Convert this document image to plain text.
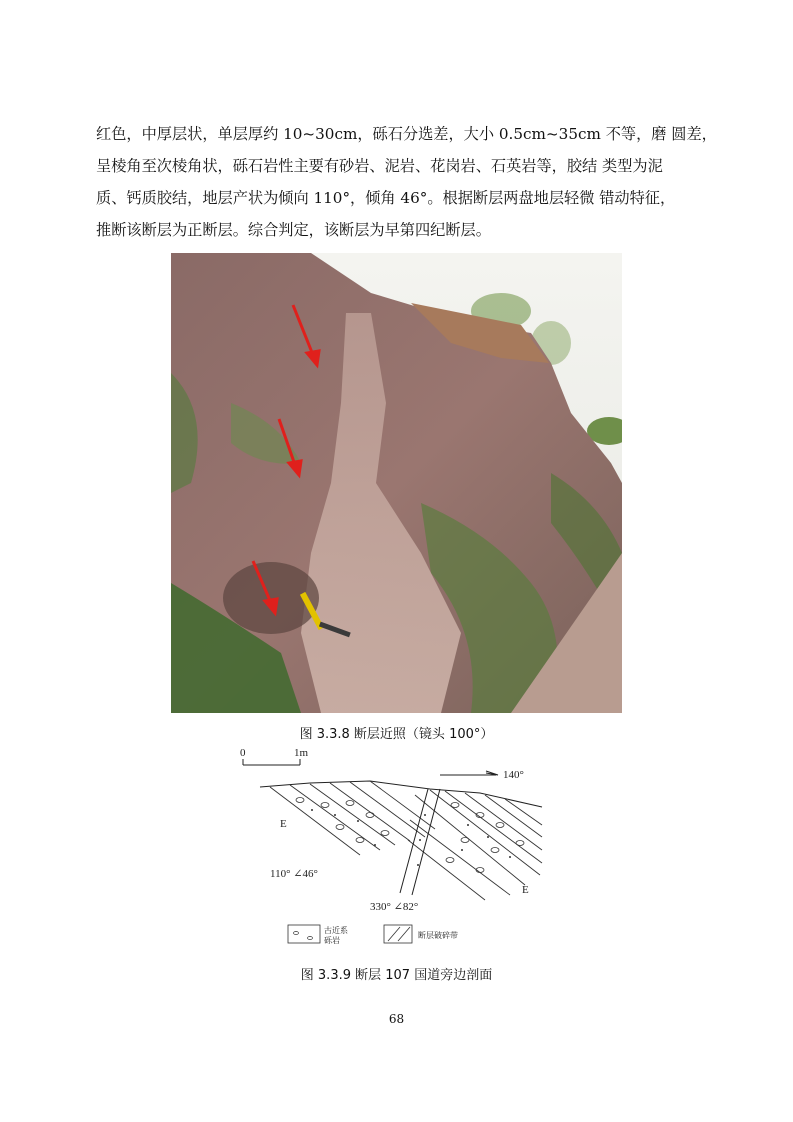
红色，中厚层状，单层厚约 10~30cm，砾石分选差，大小 0.5cm~35cm 不等，磨 圆差，
呈棱角至次棱角状，砾石岩性主要有砂岩、泥岩、花岗岩、石英岩等，胶结 类型为泥
质、钙质胶结，地层产状为倾向 110°，倾角 46°。根据断层两盘地层轻微 错动特征，
推断该断层为正断层。综合判定，该断层为早第四纪断层。

图 3.3.8 断层近照（镜头 100°）

0	1m
140°
E
E
110° ∠46°
330° ∠82°
古近系
砾岩
断层破碎带

图 3.3.9 断层 107 国道旁边剖面

68
